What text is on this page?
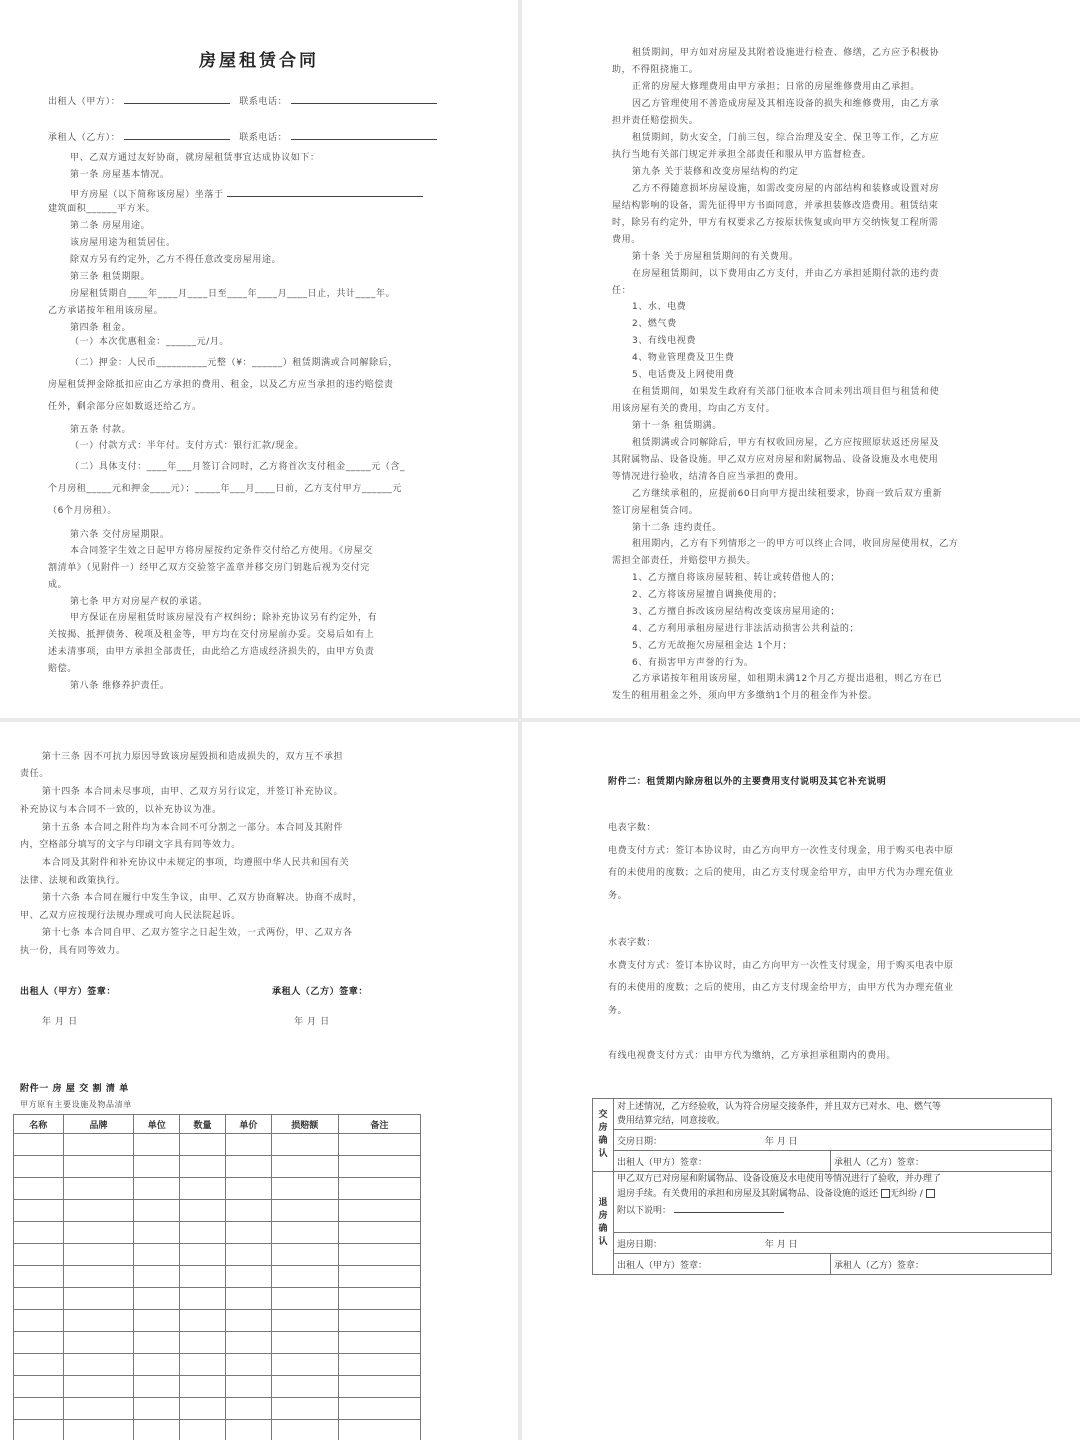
房屋租赁合同
出租人（甲方）：	联系电话：
承租人（乙方）：	联系电话：
甲、乙双方通过友好协商，就房屋租赁事宜达成协议如下：
第一条 房屋基本情况。
甲方房屋（以下简称该房屋）坐落于
建筑面积______平方米。
第二条 房屋用途。
该房屋用途为租赁居住。
除双方另有约定外，乙方不得任意改变房屋用途。
第三条 租赁期限。
房屋租赁期自____年____月____日至____年____月____日止，共计____年。
乙方承诺按年租用该房屋。
第四条 租金。
（一）本次优惠租金：______元/月。
（二）押金：人民币__________元整（¥：______）租赁期满或合同解除后，
房屋租赁押金除抵扣应由乙方承担的费用、租金，以及乙方应当承担的违约赔偿责
任外，剩余部分应如数返还给乙方。
第五条 付款。
（一）付款方式：半年付。支付方式：银行汇款/现金。
（二）具体支付：____年___月签订合同时，乙方将首次支付租金_____元（含_
个月房租_____元和押金____元）；_____年___月____日前，乙方支付甲方______元
（6个月房租）。
第六条 交付房屋期限。
本合同签字生效之日起甲方将房屋按约定条件交付给乙方使用。《房屋交
割清单》（见附件一）经甲乙双方交验签字盖章并移交房门钥匙后视为交付完
成。
第七条 甲方对房屋产权的承诺。
甲方保证在房屋租赁时该房屋没有产权纠纷；除补充协议另有约定外，有
关按揭、抵押债务、税项及租金等，甲方均在交付房屋前办妥。交易后如有上
述未清事项，由甲方承担全部责任，由此给乙方造成经济损失的，由甲方负责
赔偿。
第八条 维修养护责任。
租赁期间，甲方如对房屋及其附着设施进行检查、修缮，乙方应予积极协
助，不得阻挠施工。
正常的房屋大修理费用由甲方承担；日常的房屋维修费用由乙承担。
因乙方管理使用不善造成房屋及其相连设备的损失和维修费用，由乙方承
担并责任赔偿损失。
租赁期间，防火安全，门前三包，综合治理及安全、保卫等工作，乙方应
执行当地有关部门规定并承担全部责任和服从甲方监督检查。
第九条 关于装修和改变房屋结构的约定
乙方不得随意损坏房屋设施，如需改变房屋的内部结构和装修或设置对房
屋结构影响的设备，需先征得甲方书面同意，并承担装修改造费用。租赁结束
时，除另有约定外，甲方有权要求乙方按原状恢复或向甲方交纳恢复工程所需
费用。
第十条 关于房屋租赁期间的有关费用。
在房屋租赁期间，以下费用由乙方支付，并由乙方承担延期付款的违约责
任：
1、水、电费
2、燃气费
3、有线电视费
4、物业管理费及卫生费
5、电话费及上网使用费
在租赁期间，如果发生政府有关部门征收本合同未列出项目但与租赁和使
用该房屋有关的费用，均由乙方支付。
第十一条 租赁期满。
租赁期满或合同解除后，甲方有权收回房屋，乙方应按照原状返还房屋及
其附属物品、设备设施。甲乙双方应对房屋和附属物品、设备设施及水电使用
等情况进行验收，结清各自应当承担的费用。
乙方继续承租的，应提前60日向甲方提出续租要求，协商一致后双方重新
签订房屋租赁合同。
第十二条 违约责任。
租用期内，乙方有下列情形之一的甲方可以终止合同，收回房屋使用权，乙方
需担全部责任，并赔偿甲方损失。
1、乙方擅自将该房屋转租、转让或转借他人的；
2、乙方将该房屋擅自调换使用的；
3、乙方擅自拆改该房屋结构改变该房屋用途的；
4、乙方利用承租房屋进行非法活动损害公共利益的；
5、乙方无故拖欠房屋租金达 1个月；
6、有损害甲方声誉的行为。
乙方承诺按年租用该房屋，如租期未满12个月乙方提出退租，则乙方在已
发生的租用租金之外，须向甲方多缴纳1个月的租金作为补偿。
第十三条 因不可抗力原因导致该房屋毁损和造成损失的，双方互不承担
责任。
第十四条 本合同未尽事项，由甲、乙双方另行议定，并签订补充协议。
补充协议与本合同不一致的，以补充协议为准。
第十五条 本合同之附件均为本合同不可分割之一部分。本合同及其附件
内，空格部分填写的文字与印刷文字具有同等效力。
本合同及其附件和补充协议中未规定的事项，均遵照中华人民共和国有关
法律、法规和政策执行。
第十六条 本合同在履行中发生争议，由甲、乙双方协商解决。协商不成时，
甲、乙双方应按现行法规办理或可向人民法院起诉。
第十七条 本合同自甲、乙双方签字之日起生效，一式两份，甲、乙双方各
执一份，具有同等效力。
出租人（甲方）签章：	承租人（乙方）签章：
年 月 日	年 月 日
附件一 房 屋 交 割 清 单
甲方原有主要设施及物品清单
名称	品牌	单位	数量	单价	损赔额	备注

附件二：租赁期内除房租以外的主要费用支付说明及其它补充说明
电表字数：
电费支付方式：签订本协议时，由乙方向甲方一次性支付现金，用于购买电表中原
有的未使用的度数；之后的使用，由乙方支付现金给甲方，由甲方代为办理充值业
务。
水表字数：
水费支付方式：签订本协议时，由乙方向甲方一次性支付现金，用于购买电表中原
有的未使用的度数；之后的使用，由乙方支付现金给甲方，由甲方代为办理充值业
务。
有线电视费支付方式：由甲方代为缴纳，乙方承担承租期内的费用。
交
房
确
认	对上述情况，乙方经验收，认为符合房屋交接条件，并且双方已对水、电、燃气等
费用结算完结，同意接收。	
	交房日期： 年 月 日	
	出租人（甲方）签章：	承租人（乙方）签章：
退
房
确
认	甲乙双方已对房屋和附属物品、设备设施及水电使用等情况进行了验收，并办理了
退房手续。有关费用的承担和房屋及其附属物品、设备设施的返还 无纠纷 /
附以下说明：	
	退房日期： 年 月 日	
	出租人（甲方）签章：	承租人（乙方）签章：
